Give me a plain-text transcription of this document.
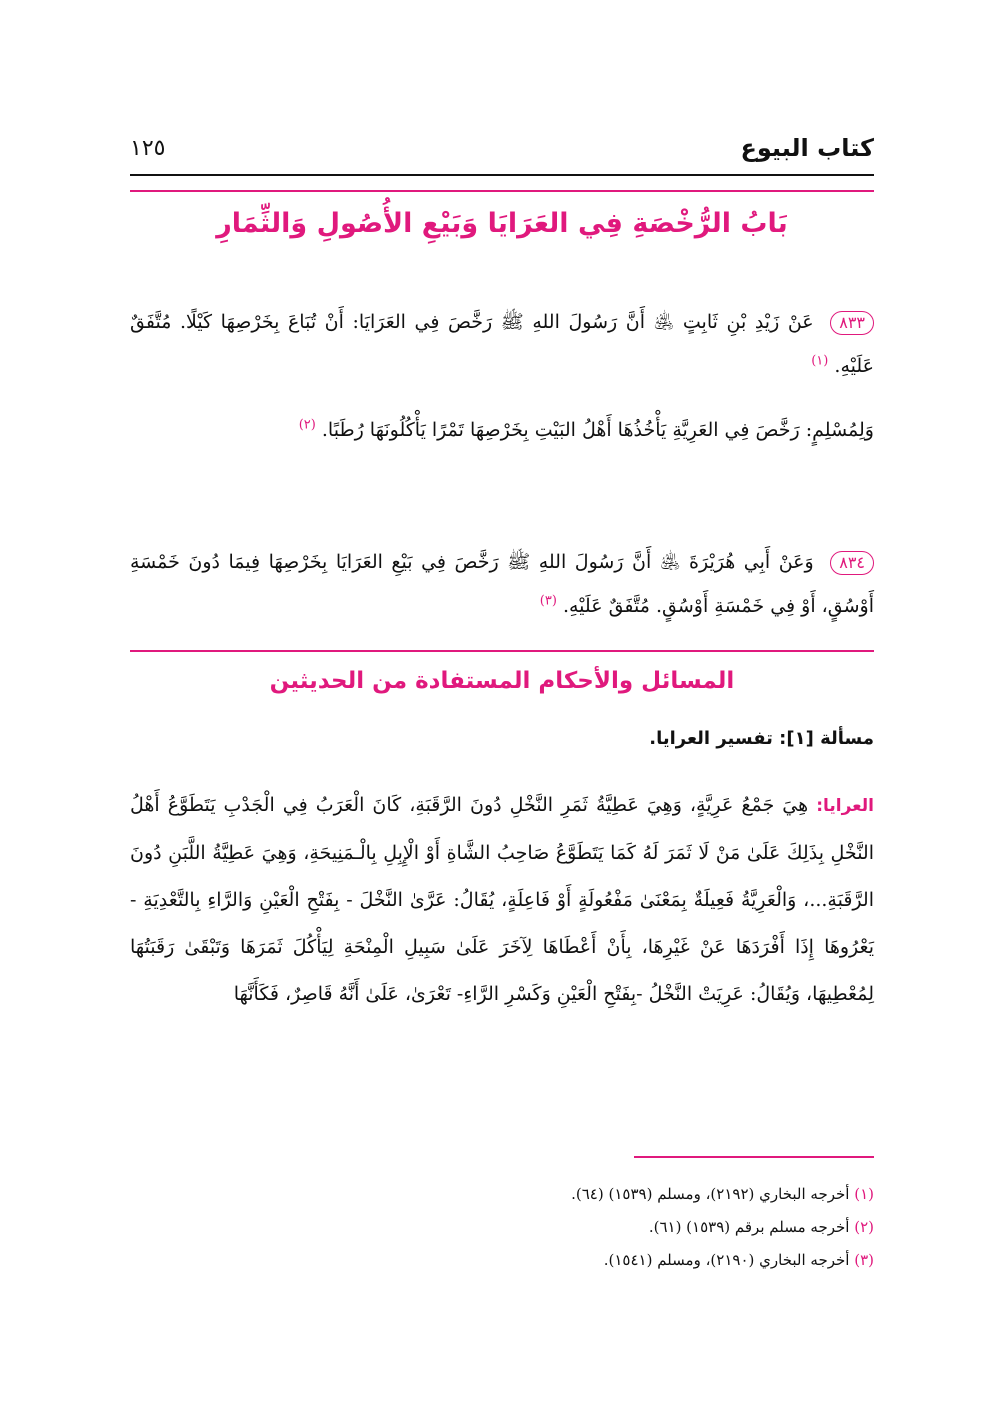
كتاب البيوع
١٢٥
بَابُ الرُّخْصَةِ فِي العَرَايَا وَبَيْعِ الأُصُولِ وَالثِّمَارِ

٨٣٣ عَنْ زَيْدِ بْنِ ثَابِتٍ ﵁ أَنَّ رَسُولَ اللهِ ﷺ رَخَّصَ فِي العَرَايَا: أَنْ تُبَاعَ بِخَرْصِهَا كَيْلًا. مُتَّفَقٌ عَلَيْهِ. $^{(١)}$

وَلِمُسْلِمٍ: رَخَّصَ فِي العَرِيَّةِ يَأْخُذُهَا أَهْلُ البَيْتِ بِخَرْصِهَا تَمْرًا يَأْكُلُونَهَا رُطَبًا. $^{(٢)}$

٨٣٤ وَعَنْ أَبِي هُرَيْرَةَ ﵁ أَنَّ رَسُولَ اللهِ ﷺ رَخَّصَ فِي بَيْعِ العَرَايَا بِخَرْصِهَا فِيمَا دُونَ خَمْسَةِ أَوْسُقٍ، أَوْ فِي خَمْسَةِ أَوْسُقٍ. مُتَّفَقٌ عَلَيْهِ. $^{(٣)}$

المسائل والأحكام المستفادة من الحديثين
مسألة [١]: تفسير العرايا.

العرايا: هِيَ جَمْعُ عَرِيَّةٍ، وَهِيَ عَطِيَّةُ ثَمَرِ النَّخْلِ دُونَ الرَّقَبَةِ، كَانَ الْعَرَبُ فِي الْجَدْبِ يَتَطَوَّعُ أَهْلُ النَّخْلِ بِذَلِكَ عَلَىٰ مَنْ لَا ثَمَرَ لَهُ كَمَا يَتَطَوَّعُ صَاحِبُ الشَّاةِ أَوْ الْإِبِلِ بِالْـمَنِيحَةِ، وَهِيَ عَطِيَّةُ اللَّبَنِ دُونَ الرَّقَبَةِ...، وَالْعَرِيَّةُ فَعِيلَةٌ بِمَعْنَىٰ مَفْعُولَةٍ أَوْ فَاعِلَةٍ، يُقَالُ: عَرَّىٰ النَّخْلَ - بِفَتْحِ الْعَيْنِ وَالرَّاءِ بِالتَّعْدِيَةِ - يَعْرُوهَا إِذَا أَفْرَدَهَا عَنْ غَيْرِهَا، بِأَنْ أَعْطَاهَا لِآخَرَ عَلَىٰ سَبِيلِ الْمِنْحَةِ لِيَأْكُلَ ثَمَرَهَا وَتَبْقَىٰ رَقَبَتُهَا لِمُعْطِيهَا، وَيُقَالُ: عَرِيَتْ النَّخْلُ -بِفَتْحِ الْعَيْنِ وَكَسْرِ الرَّاءِ- تَعْرَىٰ، عَلَىٰ أَنَّهُ قَاصِرٌ، فَكَأَنَّهَا

(١) أخرجه البخاري (٢١٩٢)، ومسلم (١٥٣٩) (٦٤).

(٢) أخرجه مسلم برقم (١٥٣٩) (٦١).

(٣) أخرجه البخاري (٢١٩٠)، ومسلم (١٥٤١).
